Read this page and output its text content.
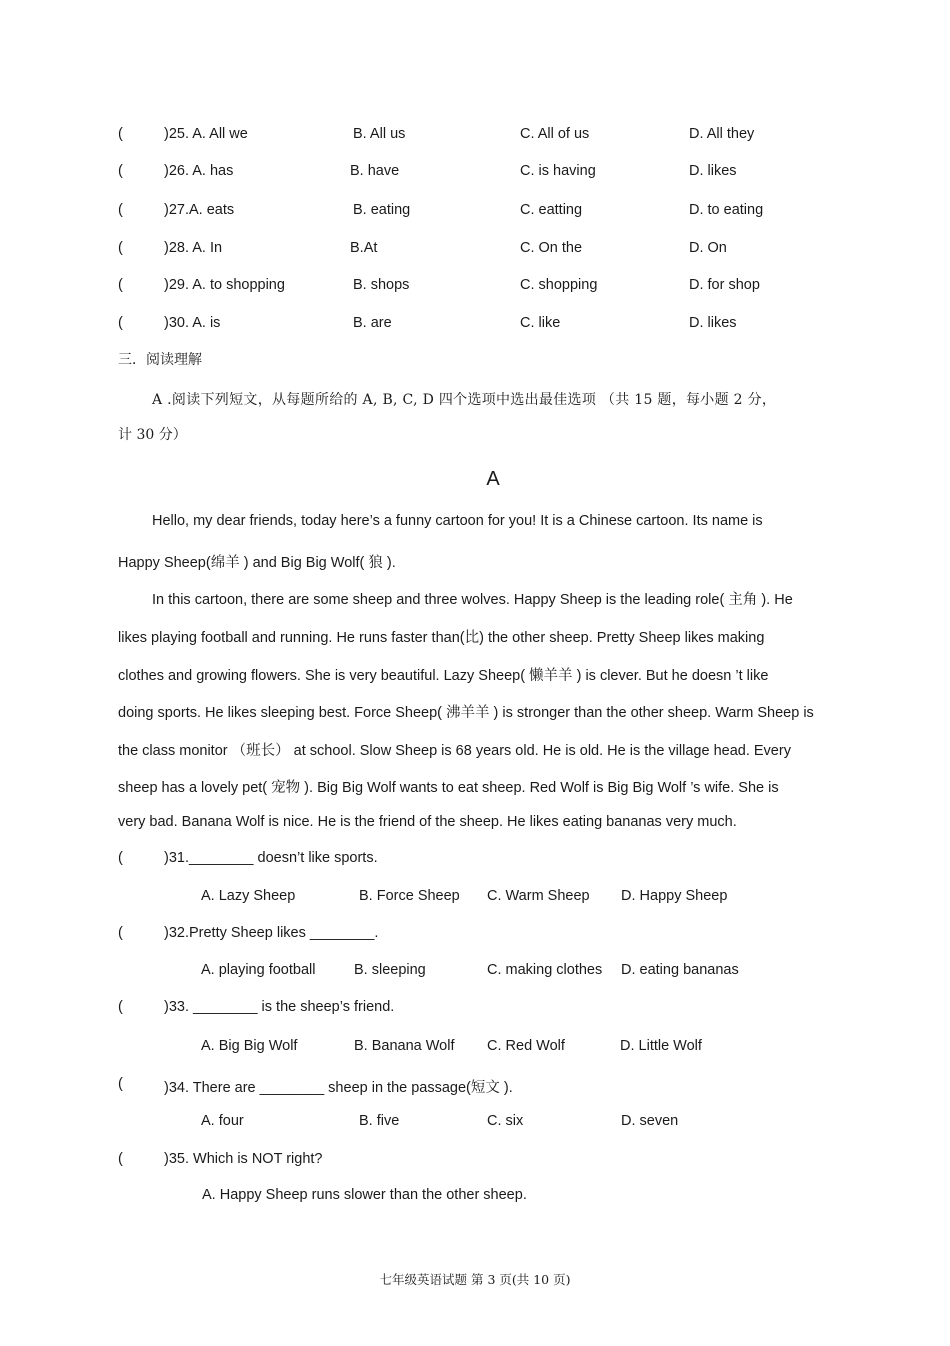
(	)25. A. All we	B. All us	C. All of us	D. All they
(	)26. A. has	B. have	C. is having	D. likes
(	)27.A. eats	B. eating	C. eatting	D. to eating
(	)28. A. In	B.At	C. On the	D. On
(	)29. A. to shopping	B. shops	C. shopping	D. for shop
(	)30. A. is	B. are	C. like	D. likes
三．阅读理解
A .阅读下列短文，从每题所给的 A, B, C, D 四个选项中选出最佳选项 （共 15 题，每小题 2 分，
计 30 分）
A
Hello, my dear friends, today here’s a funny cartoon for you! It is a Chinese cartoon. Its name is
Happy Sheep(绵羊 ) and Big Big Wolf( 狼 ).
In this cartoon, there are some sheep and three wolves. Happy Sheep is the leading role( 主角 ). He
likes playing football and running. He runs faster than(比) the other sheep. Pretty Sheep likes making
clothes and growing flowers. She is very beautiful. Lazy Sheep( 懒羊羊 ) is clever. But he doesn ’t like
doing sports. He likes sleeping best. Force Sheep( 沸羊羊 ) is stronger than the other sheep. Warm Sheep is
the class monitor （班长） at school. Slow Sheep is 68 years old. He is old. He is the village head. Every
sheep has a lovely pet( 宠物 ). Big Big Wolf wants to eat sheep. Red Wolf is Big Big Wolf ’s wife. She is
very bad. Banana Wolf is nice. He is the friend of the sheep. He likes eating bananas very much.
(	)31.________ doesn’t like sports.
A. Lazy Sheep	B. Force Sheep C. Warm Sheep D. Happy Sheep
(	)32.Pretty Sheep likes ________.
A. playing football	B. sleeping	C. making clothes D. eating bananas
(	)33. ________ is the sheep’s friend.
A. Big Big Wolf	B. Banana Wolf C. Red Wolf	D. Little Wolf
(	)34. There are ________ sheep in the passage(短文 ).
A. four	B. five	C. six	D. seven
(	)35. Which is NOT right?
A. Happy Sheep runs slower than the other sheep.
七年级英语试题 第 3 页(共 10 页)
